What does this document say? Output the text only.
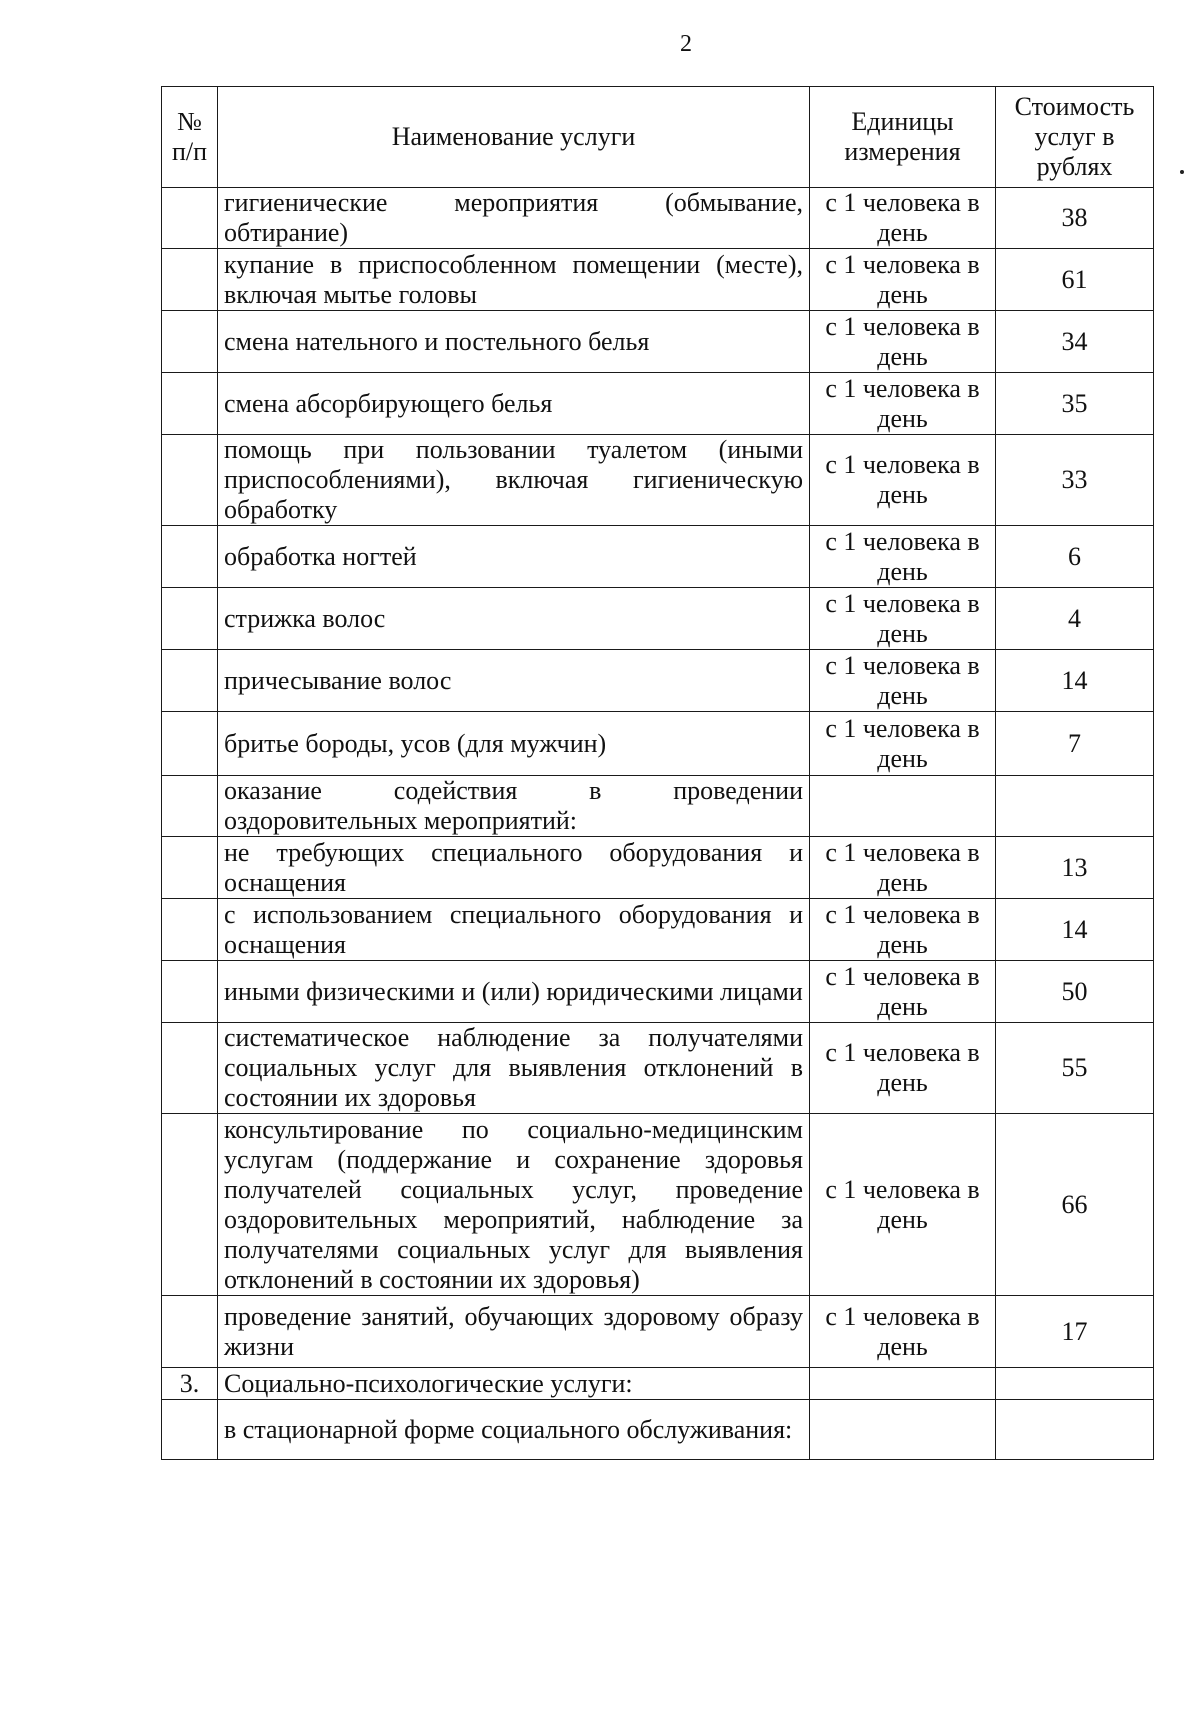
2
№ п/п	Наименование услуги	Единицы измерения	Стоимость услуг в рублях
	гигиенические мероприятия (обмывание, обтирание)	с 1 человека в день	38
	купание в приспособленном помещении (месте), включая мытье головы	с 1 человека в день	61
	смена нательного и постельного белья	с 1 человека в день	34
	смена абсорбирующего белья	с 1 человека в день	35
	помощь при пользовании туалетом (иными приспособлениями), включая гигиеническую обработку	с 1 человека в день	33
	обработка ногтей	с 1 человека в день	6
	стрижка волос	с 1 человека в день	4
	причесывание волос	с 1 человека в день	14
	бритье бороды, усов (для мужчин)	с 1 человека в день	7
	оказание содействия в проведении оздоровительных мероприятий:		
	не требующих специального оборудования и оснащения	с 1 человека в день	13
	с использованием специального оборудования и оснащения	с 1 человека в день	14
	иными физическими и (или) юридическими лицами	с 1 человека в день	50
	систематическое наблюдение за получателями социальных услуг для выявления отклонений в состоянии их здоровья	с 1 человека в день	55
	консультирование по социально-медицинским услугам (поддержание и сохранение здоровья получателей социальных услуг, проведение оздоровительных мероприятий, наблюдение за получателями социальных услуг для выявления отклонений в состоянии их здоровья)	с 1 человека в день	66
	проведение занятий, обучающих здоровому образу жизни	с 1 человека в день	17
3.	Социально-психологические услуги:		
	в стационарной форме социального обслуживания:		
